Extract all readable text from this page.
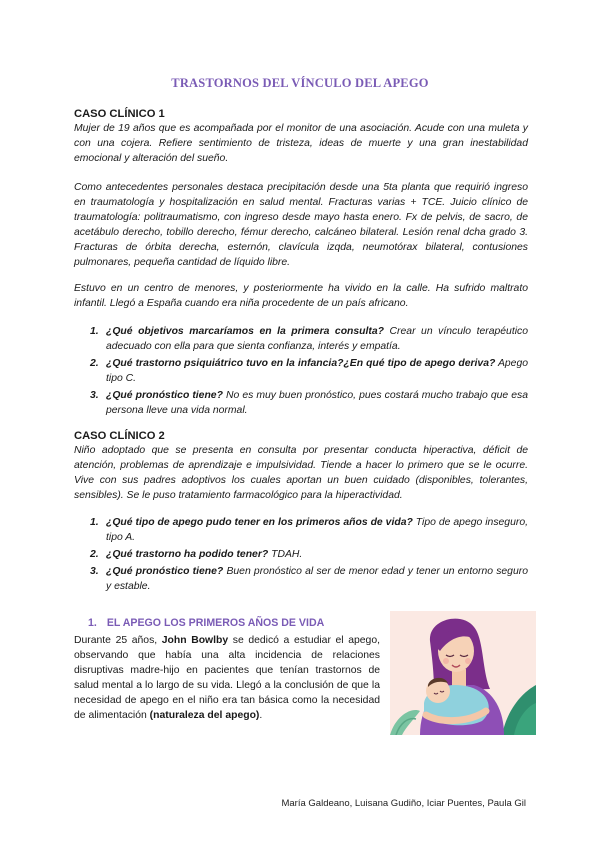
TRASTORNOS DEL VÍNCULO DEL APEGO
CASO CLÍNICO 1
Mujer de 19 años que es acompañada por el monitor de una asociación. Acude con una muleta y con una cojera. Refiere sentimiento de tristeza, ideas de muerte y una gran inestabilidad emocional y alteración del sueño.
Como antecedentes personales destaca precipitación desde una 5ta planta que requirió ingreso en traumatología y hospitalización en salud mental. Fracturas varias + TCE. Juicio clínico de traumatología: politraumatismo, con ingreso desde mayo hasta enero. Fx de pelvis, de sacro, de acetábulo derecho, tobillo derecho, fémur derecho, calcáneo bilateral. Lesión renal dcha grado 3. Fracturas de órbita derecha, esternón, clavícula izqda, neumotórax bilateral, contusiones pulmonares, pequeña cantidad de líquido libre.
Estuvo en un centro de menores, y posteriormente ha vivido en la calle. Ha sufrido maltrato infantil. Llegó a España cuando era niña procedente de un país africano.
1. ¿Qué objetivos marcaríamos en la primera consulta? Crear un vínculo terapéutico adecuado con ella para que sienta confianza, interés y empatía.
2. ¿Qué trastorno psiquiátrico tuvo en la infancia?¿En qué tipo de apego deriva? Apego tipo C.
3. ¿Qué pronóstico tiene? No es muy buen pronóstico, pues costará mucho trabajo que esa persona lleve una vida normal.
CASO CLÍNICO 2
Niño adoptado que se presenta en consulta por presentar conducta hiperactiva, déficit de atención, problemas de aprendizaje e impulsividad. Tiende a hacer lo primero que se le ocurre. Vive con sus padres adoptivos los cuales aportan un buen cuidado (disponibles, tolerantes, sensibles). Se le puso tratamiento farmacológico para la hiperactividad.
1. ¿Qué tipo de apego pudo tener en los primeros años de vida? Tipo de apego inseguro, tipo A.
2. ¿Qué trastorno ha podido tener? TDAH.
3. ¿Qué pronóstico tiene? Buen pronóstico al ser de menor edad y tener un entorno seguro y estable.
1. EL APEGO LOS PRIMEROS AÑOS DE VIDA
Durante 25 años, John Bowlby se dedicó a estudiar el apego, observando que había una alta incidencia de relaciones disruptivas madre-hijo en pacientes que tenían trastornos de salud mental a lo largo de su vida. Llegó a la conclusión de que la necesidad de apego en el niño era tan básica como la necesidad de alimentación (naturaleza del apego).
María Galdeano, Luisana Gudiño, Iciar Puentes, Paula Gil
